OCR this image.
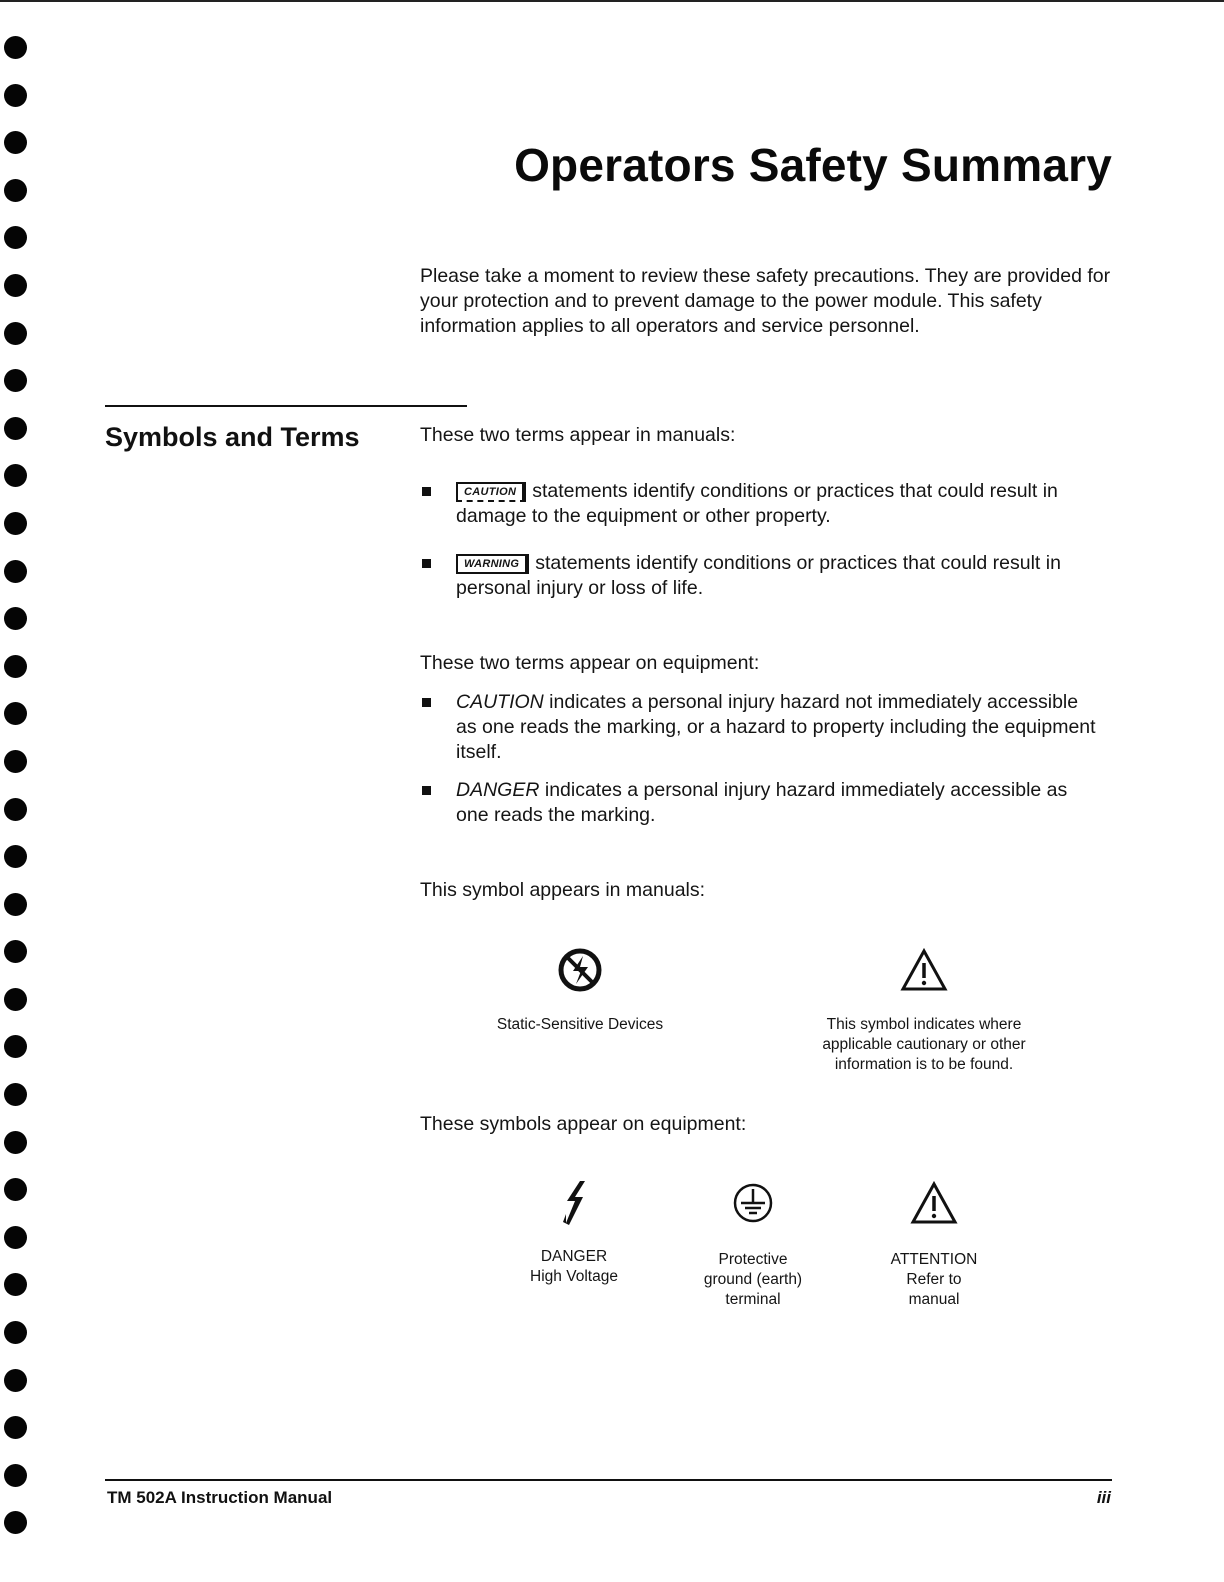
Operators Safety Summary

Please take a moment to review these safety precautions. They are provided for your protection and to prevent damage to the power module. This safety information applies to all operators and service personnel.

Symbols and Terms	These two terms appear in manuals:

CAUTION statements identify conditions or practices that could result in damage to the equipment or other property.

WARNING statements identify conditions or practices that could result in personal injury or loss of life.

These two terms appear on equipment:

CAUTION indicates a personal injury hazard not immediately accessible as one reads the marking, or a hazard to property including the equipment itself.

DANGER indicates a personal injury hazard immediately accessible as one reads the marking.

This symbol appears in manuals:

Static-Sensitive Devices	This symbol indicates where applicable cautionary or other information is to be found.

These symbols appear on equipment:

DANGER
High Voltage

Protective
ground (earth)
terminal

ATTENTION
Refer to
manual

TM 502A Instruction Manual	iii
